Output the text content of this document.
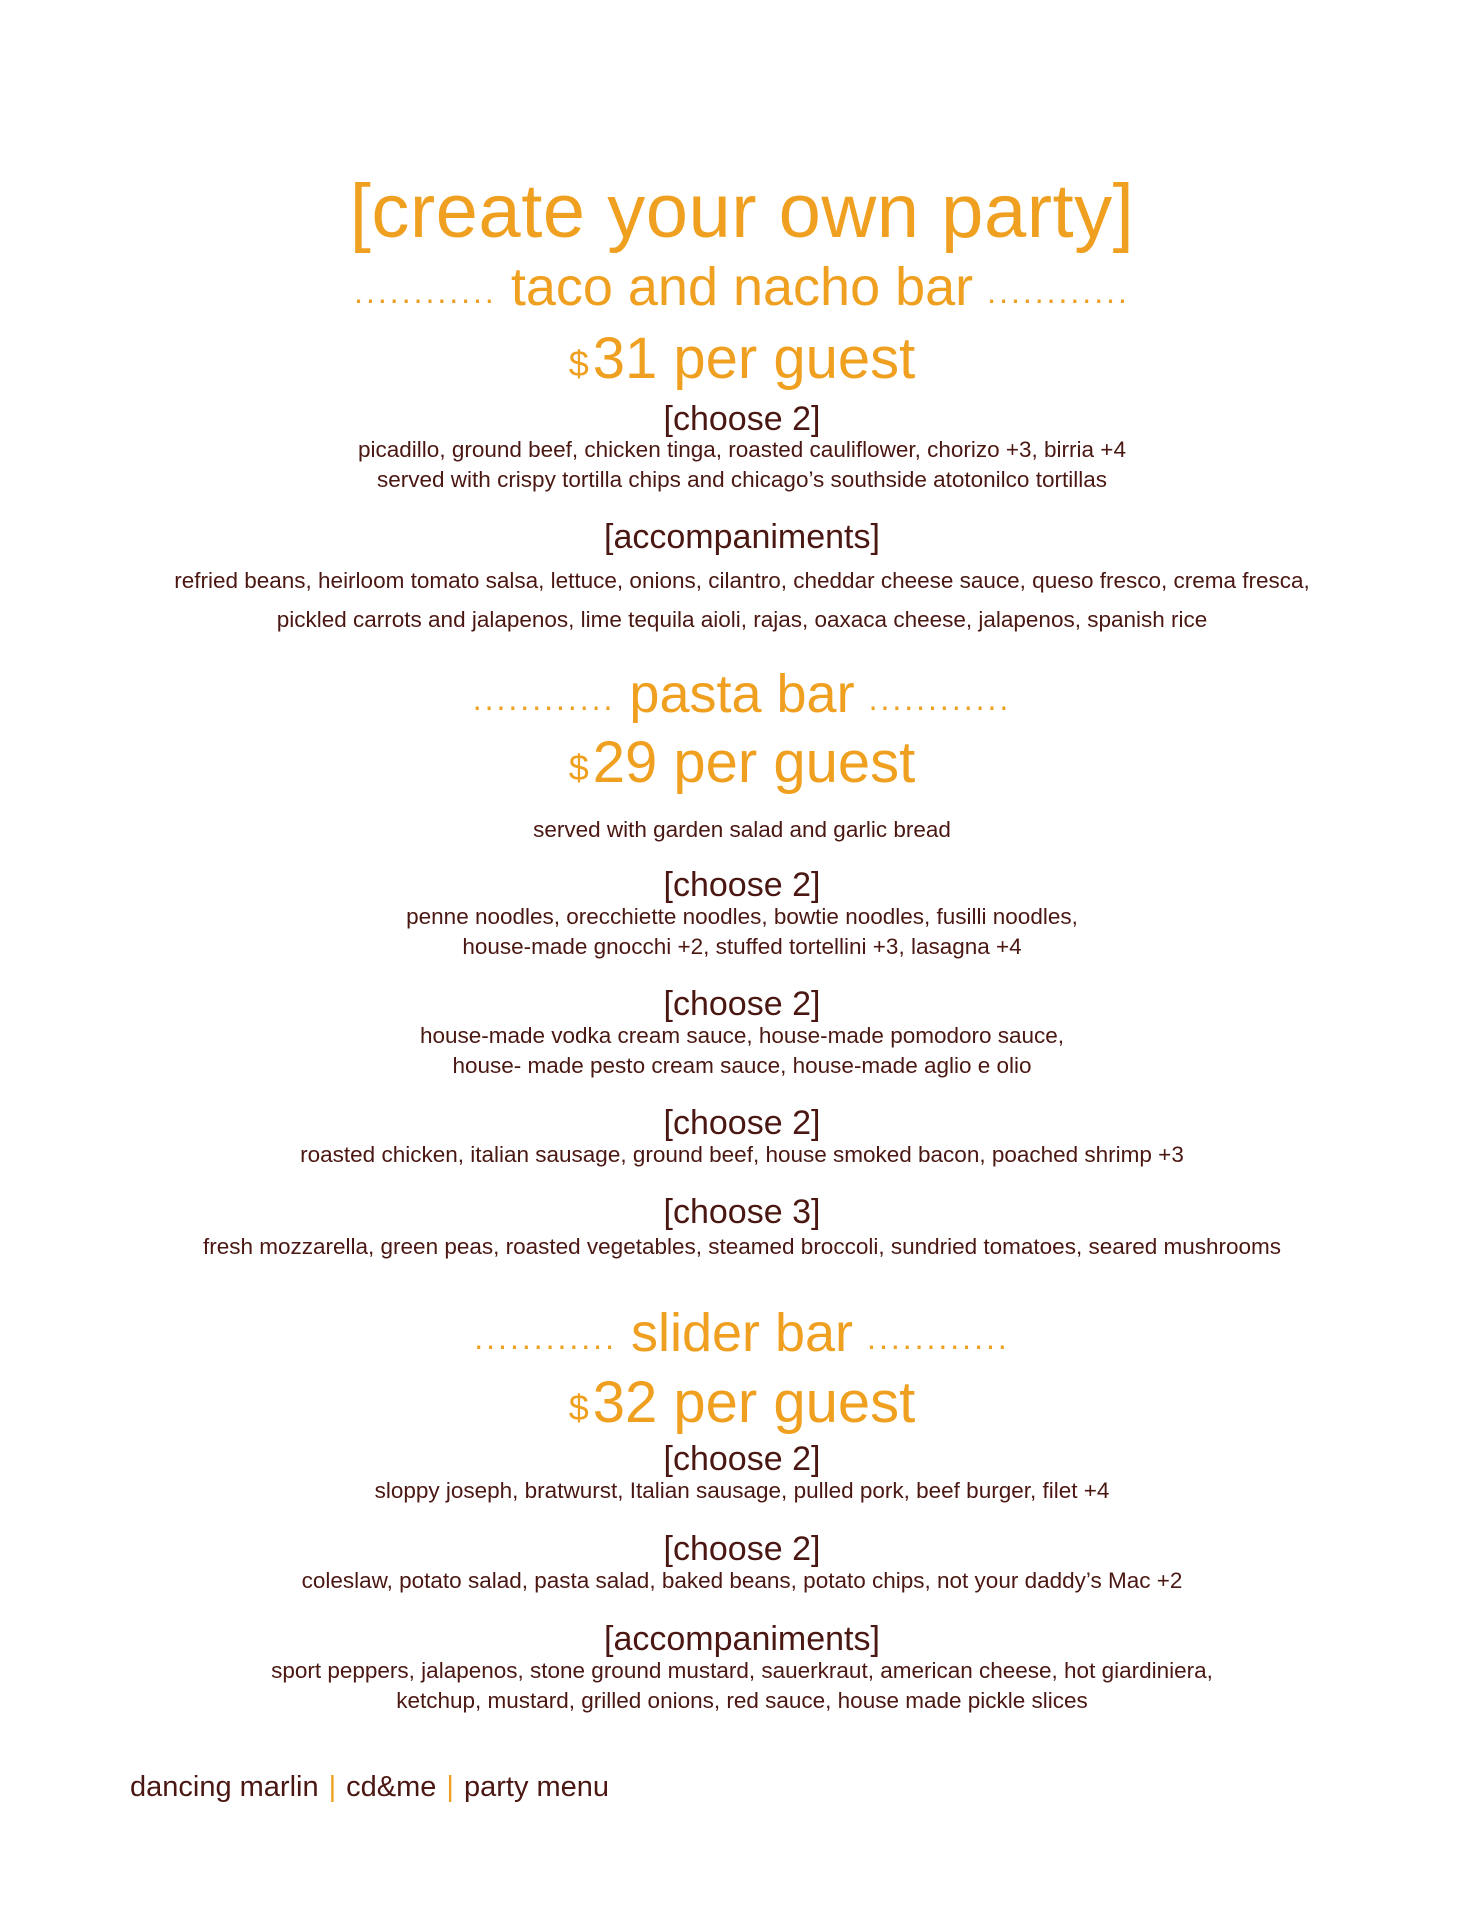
[create your own party]
............ taco and nacho bar ............
$31 per guest
[choose 2]
picadillo, ground beef, chicken tinga, roasted cauliflower, chorizo +3, birria +4
served with crispy tortilla chips and chicago’s southside atotonilco tortillas
[accompaniments]
refried beans, heirloom tomato salsa, lettuce, onions, cilantro, cheddar cheese sauce, queso fresco, crema fresca,
pickled carrots and jalapenos, lime tequila aioli, rajas, oaxaca cheese, jalapenos, spanish rice
............ pasta bar ............
$29 per guest
served with garden salad and garlic bread
[choose 2]
penne noodles, orecchiette noodles, bowtie noodles, fusilli noodles,
house-made gnocchi +2, stuffed tortellini +3, lasagna +4
[choose 2]
house-made vodka cream sauce, house-made pomodoro sauce,
house- made pesto cream sauce, house-made aglio e olio
[choose 2]
roasted chicken, italian sausage, ground beef, house smoked bacon, poached shrimp +3
[choose 3]
fresh mozzarella, green peas, roasted vegetables, steamed broccoli, sundried tomatoes, seared mushrooms
............ slider bar ............
$32 per guest
[choose 2]
sloppy joseph, bratwurst, Italian sausage, pulled pork, beef burger, filet +4
[choose 2]
coleslaw, potato salad, pasta salad, baked beans, potato chips, not your daddy’s Mac +2
[accompaniments]
sport peppers, jalapenos, stone ground mustard, sauerkraut, american cheese, hot giardiniera,
ketchup, mustard, grilled onions, red sauce, house made pickle slices
dancing marlin | cd&me | party menu
